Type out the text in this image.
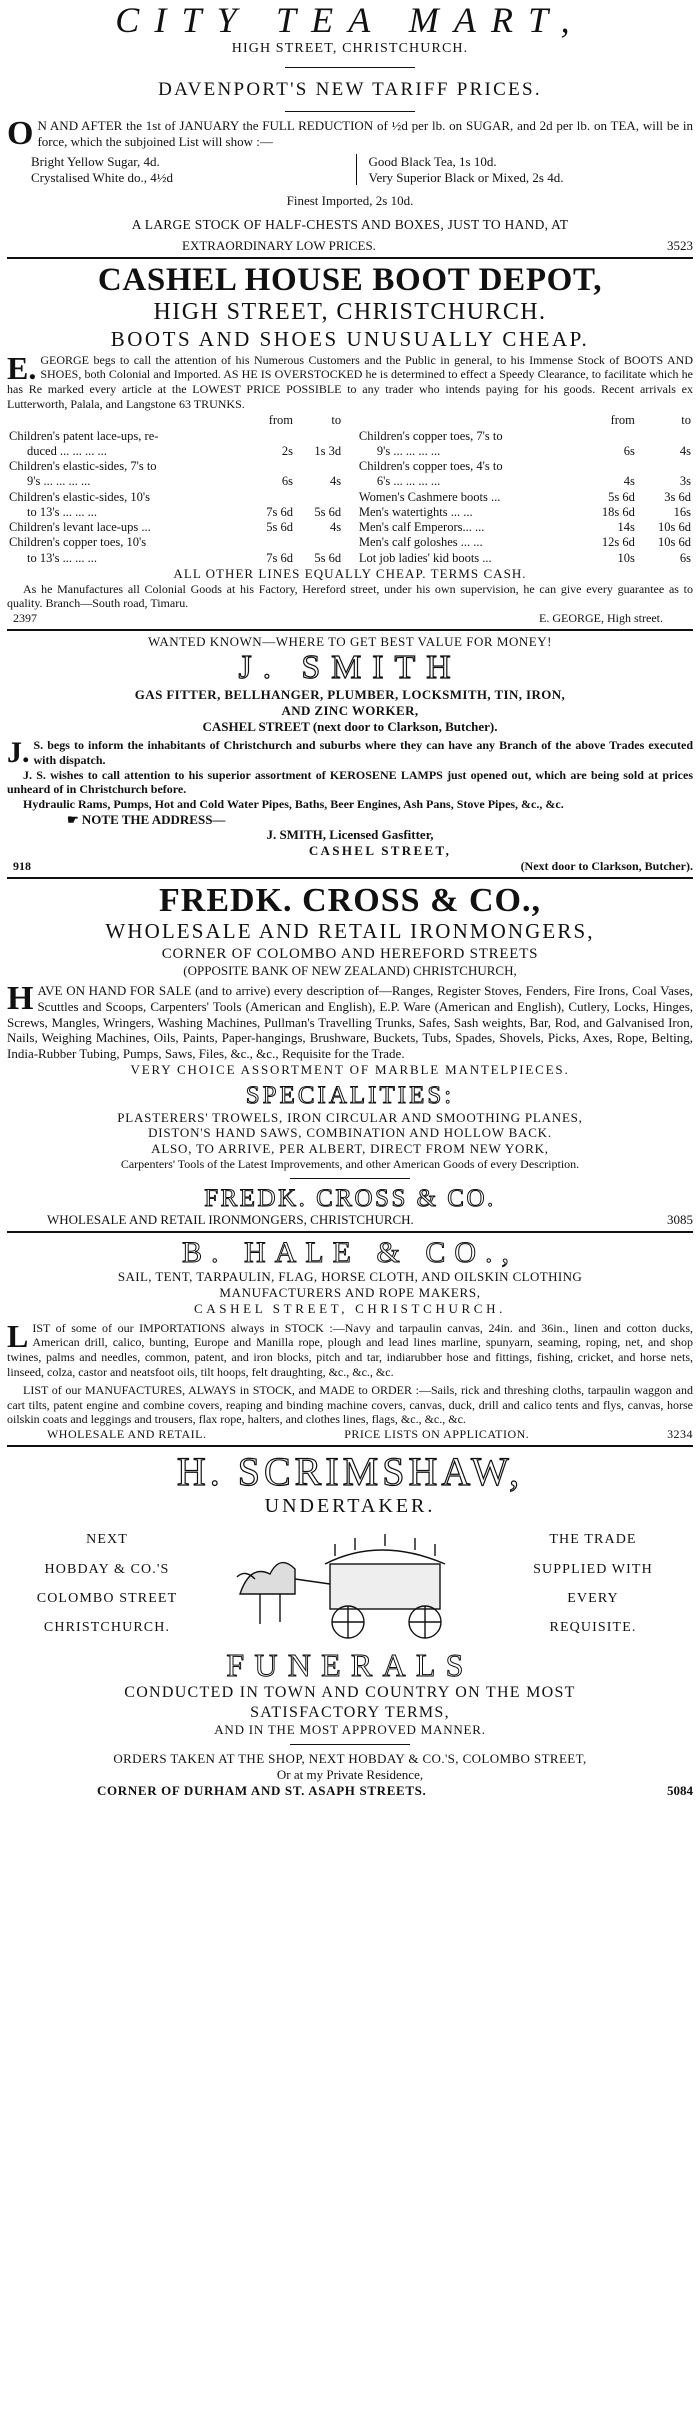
CITY TEA MART,
HIGH STREET, CHRISTCHURCH.
DAVENPORT'S NEW TARIFF PRICES.

O N AND AFTER the 1st of JANUARY the FULL REDUCTION of ½d per lb. on SUGAR, and 2d per lb. on TEA, will be in force, which the subjoined List will show :—

Bright Yellow Sugar, 4d.
Crystalised White do., 4½d
Good Black Tea, 1s 10d.
Very Superior Black or Mixed, 2s 4d.
Finest Imported, 2s 10d.
A LARGE STOCK OF HALF-CHESTS AND BOXES, JUST TO HAND, AT
EXTRAORDINARY LOW PRICES.	3523
CASHEL HOUSE BOOT DEPOT,
HIGH STREET, CHRISTCHURCH.
BOOTS AND SHOES UNUSUALLY CHEAP.

E. GEORGE begs to call the attention of his Numerous Customers and the Public in general, to his Immense Stock of BOOTS AND SHOES, both Colonial and Imported. AS HE IS OVERSTOCKED he is determined to effect a Speedy Clearance, to facilitate which he has Re marked every article at the LOWEST PRICE POSSIBLE to any trader who intends paying for his goods. Recent arrivals ex Lutterworth, Palala, and Langstone 63 TRUNKS.

	from	to
Children's patent lace-ups, re-		
duced ... ... ... ...	2s	1s 3d
Children's elastic-sides, 7's to		
9's ... ... ... ...	6s	4s
Children's elastic-sides, 10's		
to 13's ... ... ...	7s 6d	5s 6d
Children's levant lace-ups ...	5s 6d	4s
Children's copper toes, 10's		
to 13's ... ... ...	7s 6d	5s 6d
	from	to
Children's copper toes, 7's to		
9's ... ... ... ...	6s	4s
Children's copper toes, 4's to		
6's ... ... ... ...	4s	3s
Women's Cashmere boots ...	5s 6d	3s 6d
Men's watertights ... ...	18s 6d	16s
Men's calf Emperors... ...	14s	10s 6d
Men's calf goloshes ... ...	12s 6d	10s 6d
Lot job ladies' kid boots ...	10s	6s
ALL OTHER LINES EQUALLY CHEAP. TERMS CASH.

As he Manufactures all Colonial Goods at his Factory, Hereford street, under his own supervision, he can give every guarantee as to quality. Branch—South road, Timaru.

2397	E. GEORGE, High street.
WANTED KNOWN—WHERE TO GET BEST VALUE FOR MONEY!
J. SMITH
GAS FITTER, BELLHANGER, PLUMBER, LOCKSMITH, TIN, IRON,
AND ZINC WORKER,
CASHEL STREET (next door to Clarkson, Butcher).

J. S. begs to inform the inhabitants of Christchurch and suburbs where they can have any Branch of the above Trades executed with dispatch.

J. S. wishes to call attention to his superior assortment of KEROSENE LAMPS just opened out, which are being sold at prices unheard of in Christchurch before.

Hydraulic Rams, Pumps, Hot and Cold Water Pipes, Baths, Beer Engines, Ash Pans, Stove Pipes, &c., &c.

☛ NOTE THE ADDRESS—
J. SMITH, Licensed Gasfitter,
CASHEL STREET,
918	(Next door to Clarkson, Butcher).
FREDK. CROSS & CO.,
WHOLESALE AND RETAIL IRONMONGERS,
CORNER OF COLOMBO AND HEREFORD STREETS
(OPPOSITE BANK OF NEW ZEALAND) CHRISTCHURCH,

HAVE ON HAND FOR SALE (and to arrive) every description of—Ranges, Register Stoves, Fenders, Fire Irons, Coal Vases, Scuttles and Scoops, Carpenters' Tools (American and English), E.P. Ware (American and English), Cutlery, Locks, Hinges, Screws, Mangles, Wringers, Washing Machines, Pullman's Travelling Trunks, Safes, Sash weights, Bar, Rod, and Galvanised Iron, Nails, Weighing Machines, Oils, Paints, Paper-hangings, Brushware, Buckets, Tubs, Spades, Shovels, Picks, Axes, Rope, Belting, India-Rubber Tubing, Pumps, Saws, Files, &c., &c., Requisite for the Trade.

VERY CHOICE ASSORTMENT OF MARBLE MANTELPIECES.
SPECIALITIES:
PLASTERERS' TROWELS, IRON CIRCULAR AND SMOOTHING PLANES,
DISTON'S HAND SAWS, COMBINATION AND HOLLOW BACK.
ALSO, TO ARRIVE, PER ALBERT, DIRECT FROM NEW YORK,
Carpenters' Tools of the Latest Improvements, and other American Goods of every Description.
FREDK. CROSS & CO.
WHOLESALE AND RETAIL IRONMONGERS, CHRISTCHURCH.	3085
B. HALE & CO.,
SAIL, TENT, TARPAULIN, FLAG, HORSE CLOTH, AND OILSKIN CLOTHING
MANUFACTURERS AND ROPE MAKERS,
CASHEL STREET, CHRISTCHURCH.

LIST of some of our IMPORTATIONS always in STOCK :—Navy and tarpaulin canvas, 24in. and 36in., linen and cotton ducks, American drill, calico, bunting, Europe and Manilla rope, plough and lead lines marline, spunyarn, seaming, roping, net, and shop twines, palms and needles, common, patent, and iron blocks, pitch and tar, indiarubber hose and fittings, fishing, cricket, and horse nets, linseed, colza, castor and neatsfoot oils, tilt hoops, felt draughting, &c., &c., &c.

LIST of our MANUFACTURES, ALWAYS in STOCK, and MADE to ORDER :—Sails, rick and threshing cloths, tarpaulin waggon and cart tilts, patent engine and combine covers, reaping and binding machine covers, canvas, duck, drill and calico tents and flys, canvas, horse oilskin coats and leggings and trousers, flax rope, halters, and clothes lines, flags, &c., &c., &c.

WHOLESALE AND RETAIL.	PRICE LISTS ON APPLICATION.	3234
H. SCRIMSHAW,
UNDERTAKER.
NEXT
HOBDAY & CO.'S
COLOMBO STREET
CHRISTCHURCH.
THE TRADE
SUPPLIED WITH
EVERY
REQUISITE.
FUNERALS
CONDUCTED IN TOWN AND COUNTRY ON THE MOST
SATISFACTORY TERMS,
AND IN THE MOST APPROVED MANNER.
ORDERS TAKEN AT THE SHOP, NEXT HOBDAY & CO.'S, COLOMBO STREET,
Or at my Private Residence,
CORNER OF DURHAM AND ST. ASAPH STREETS.	5084
